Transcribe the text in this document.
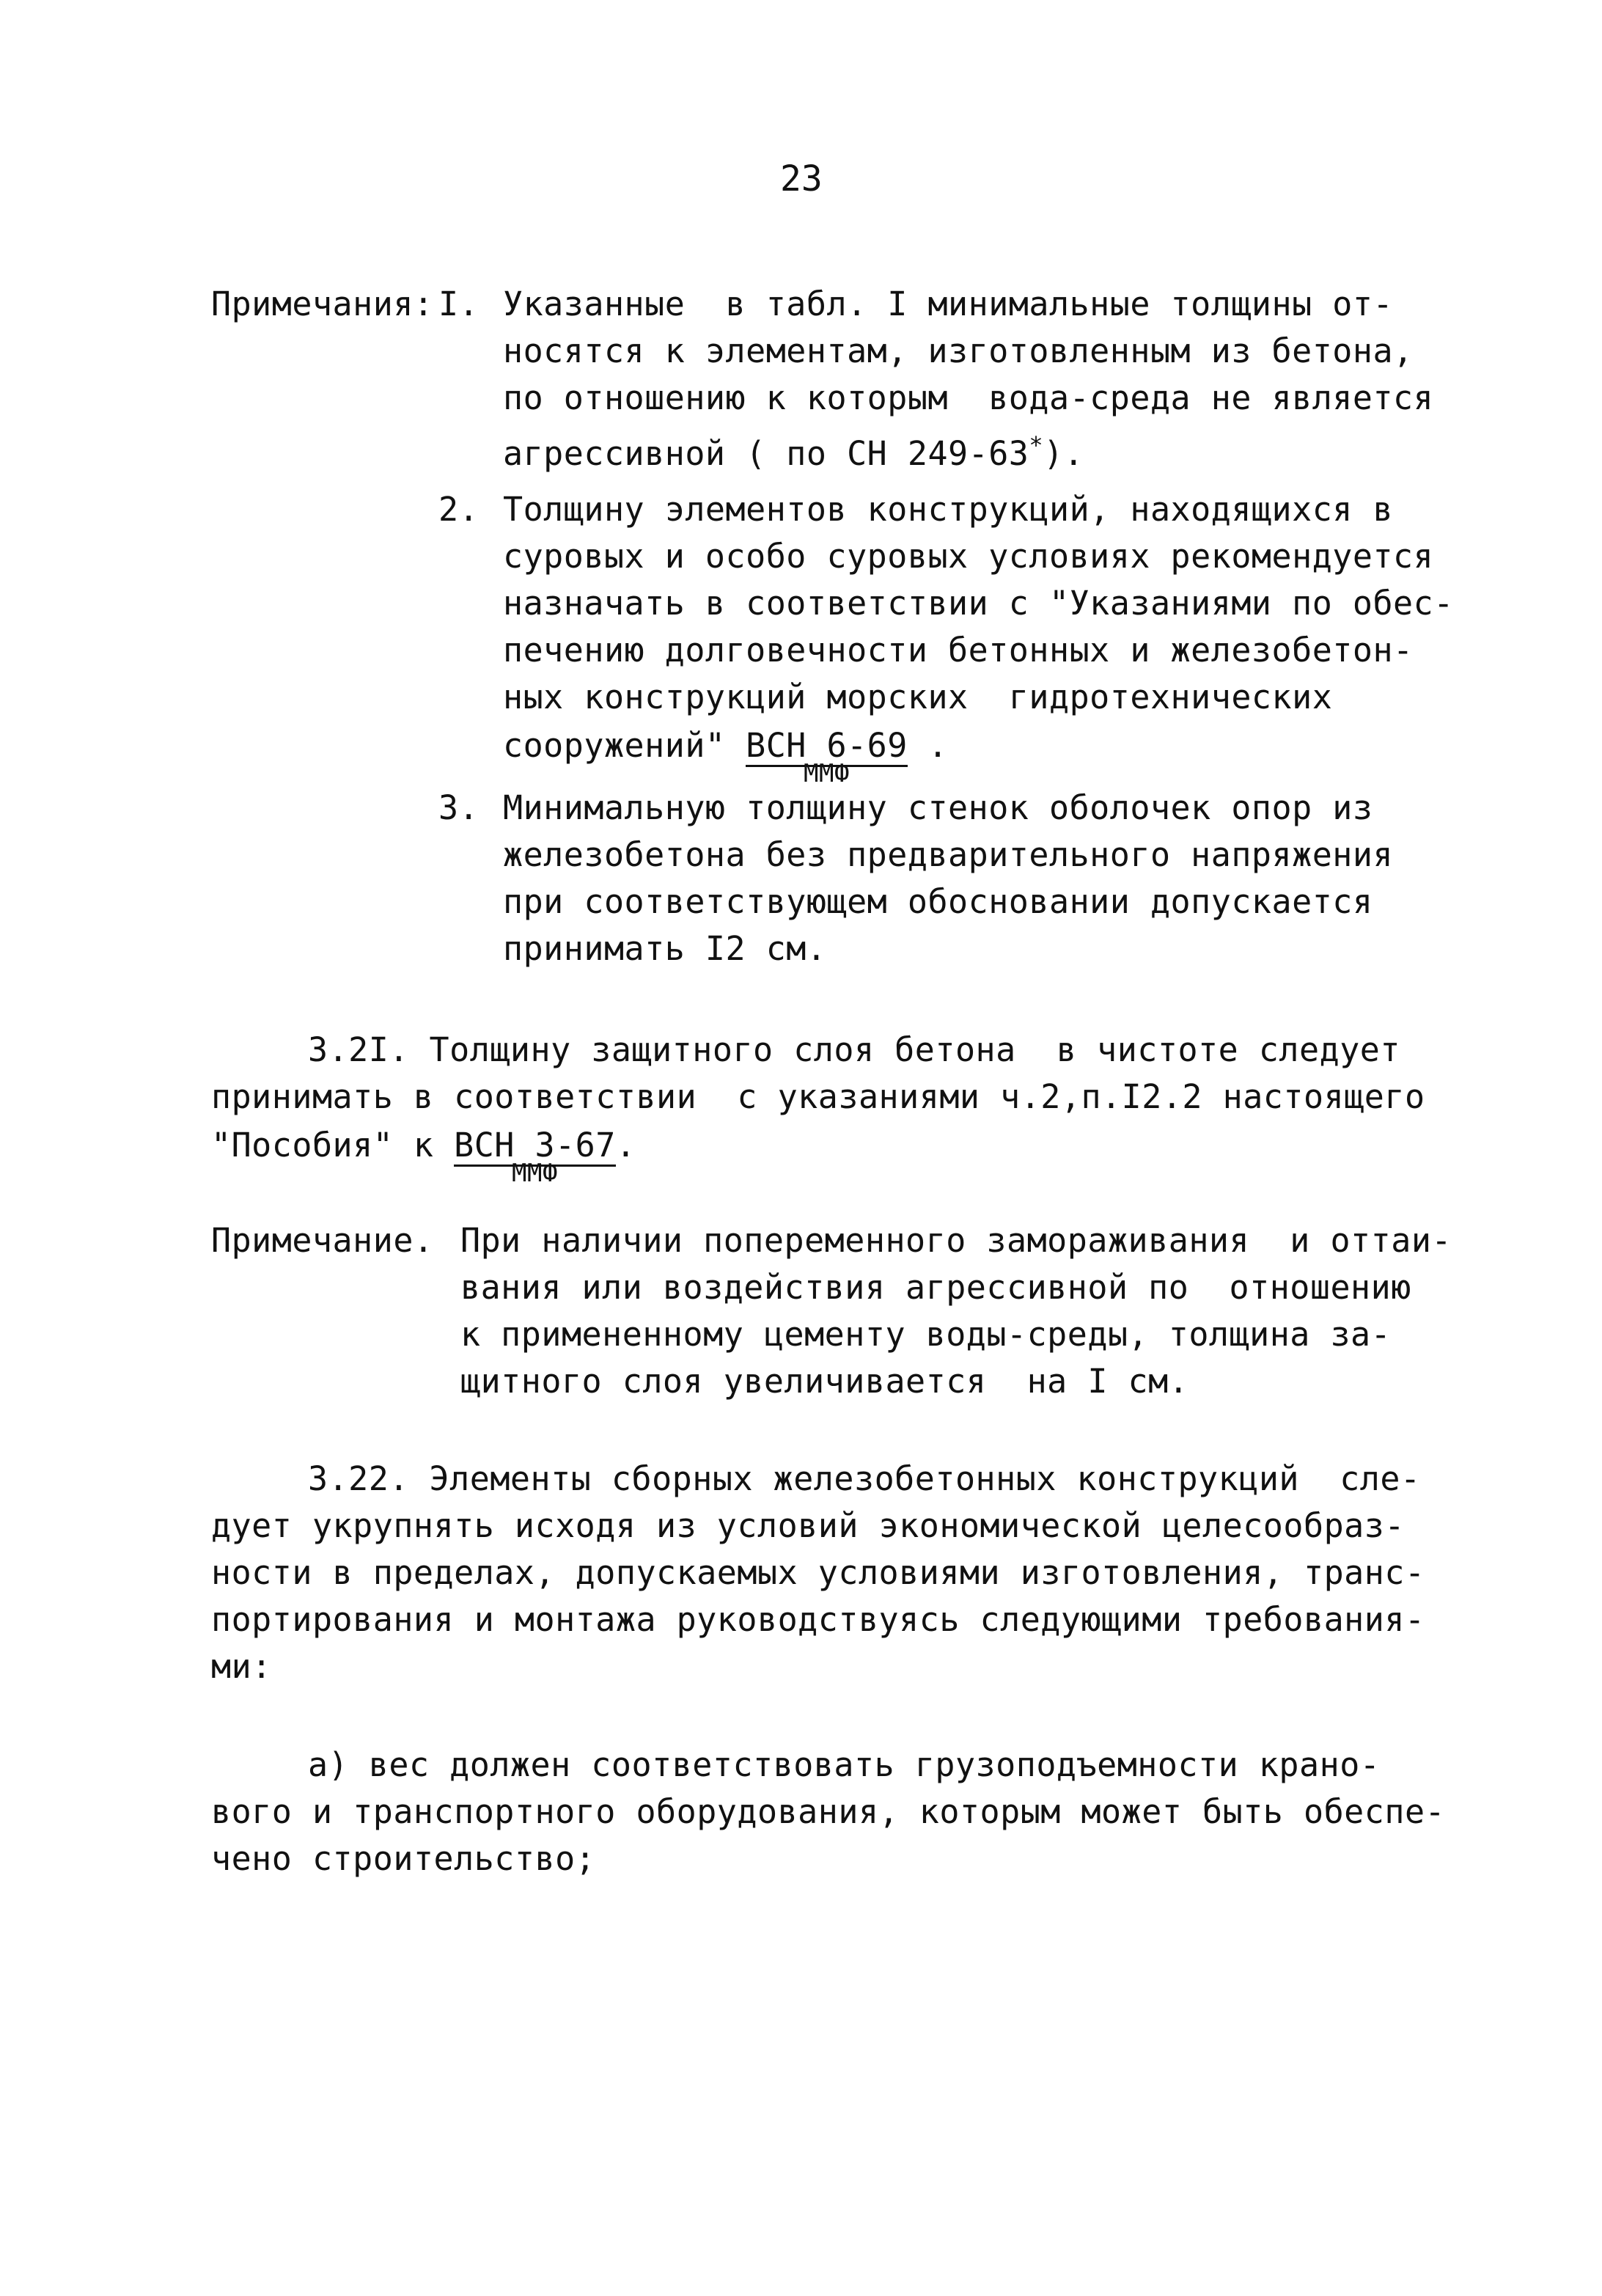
23
Примечания: I. Указанные  в табл. I минимальные толщины от-
носятся к элементам, изготовленным из бетона,
по отношению к которым  вода-среда не является
агрессивной ( по СН 249-63*).
2. Толщину элементов конструкций, находящихся в
суровых и особо суровых условиях рекомендуется
назначать в соответствии с "Указаниями по обес-
печению долговечности бетонных и железобетон-
ных конструкций морских  гидротехнических
сооружений" ВСН 6-69
ММФ
.
3. Минимальную толщину стенок оболочек опор из
железобетона без предварительного напряжения
при соответствующем обосновании допускается
принимать I2 см.
3.2I. Толщину защитного слоя бетона  в чистоте следует
принимать в соответствии  с указаниями ч.2,п.I2.2 настоящего
"Пособия" к ВСН 3-67
ММФ
.
Примечание. При наличии попеременного замораживания  и оттаи-
вания или воздействия агрессивной по  отношению
к примененному цементу воды-среды, толщина за-
щитного слоя увеличивается  на I см.
3.22. Элементы сборных железобетонных конструкций  сле-
дует укрупнять исходя из условий экономической целесообраз-
ности в пределах, допускаемых условиями изготовления, транс-
портирования и монтажа руководствуясь следующими требования-
ми:
а) вес должен соответствовать грузоподъемности крано-
вого и транспортного оборудования, которым может быть обеспе-
чено строительство;
